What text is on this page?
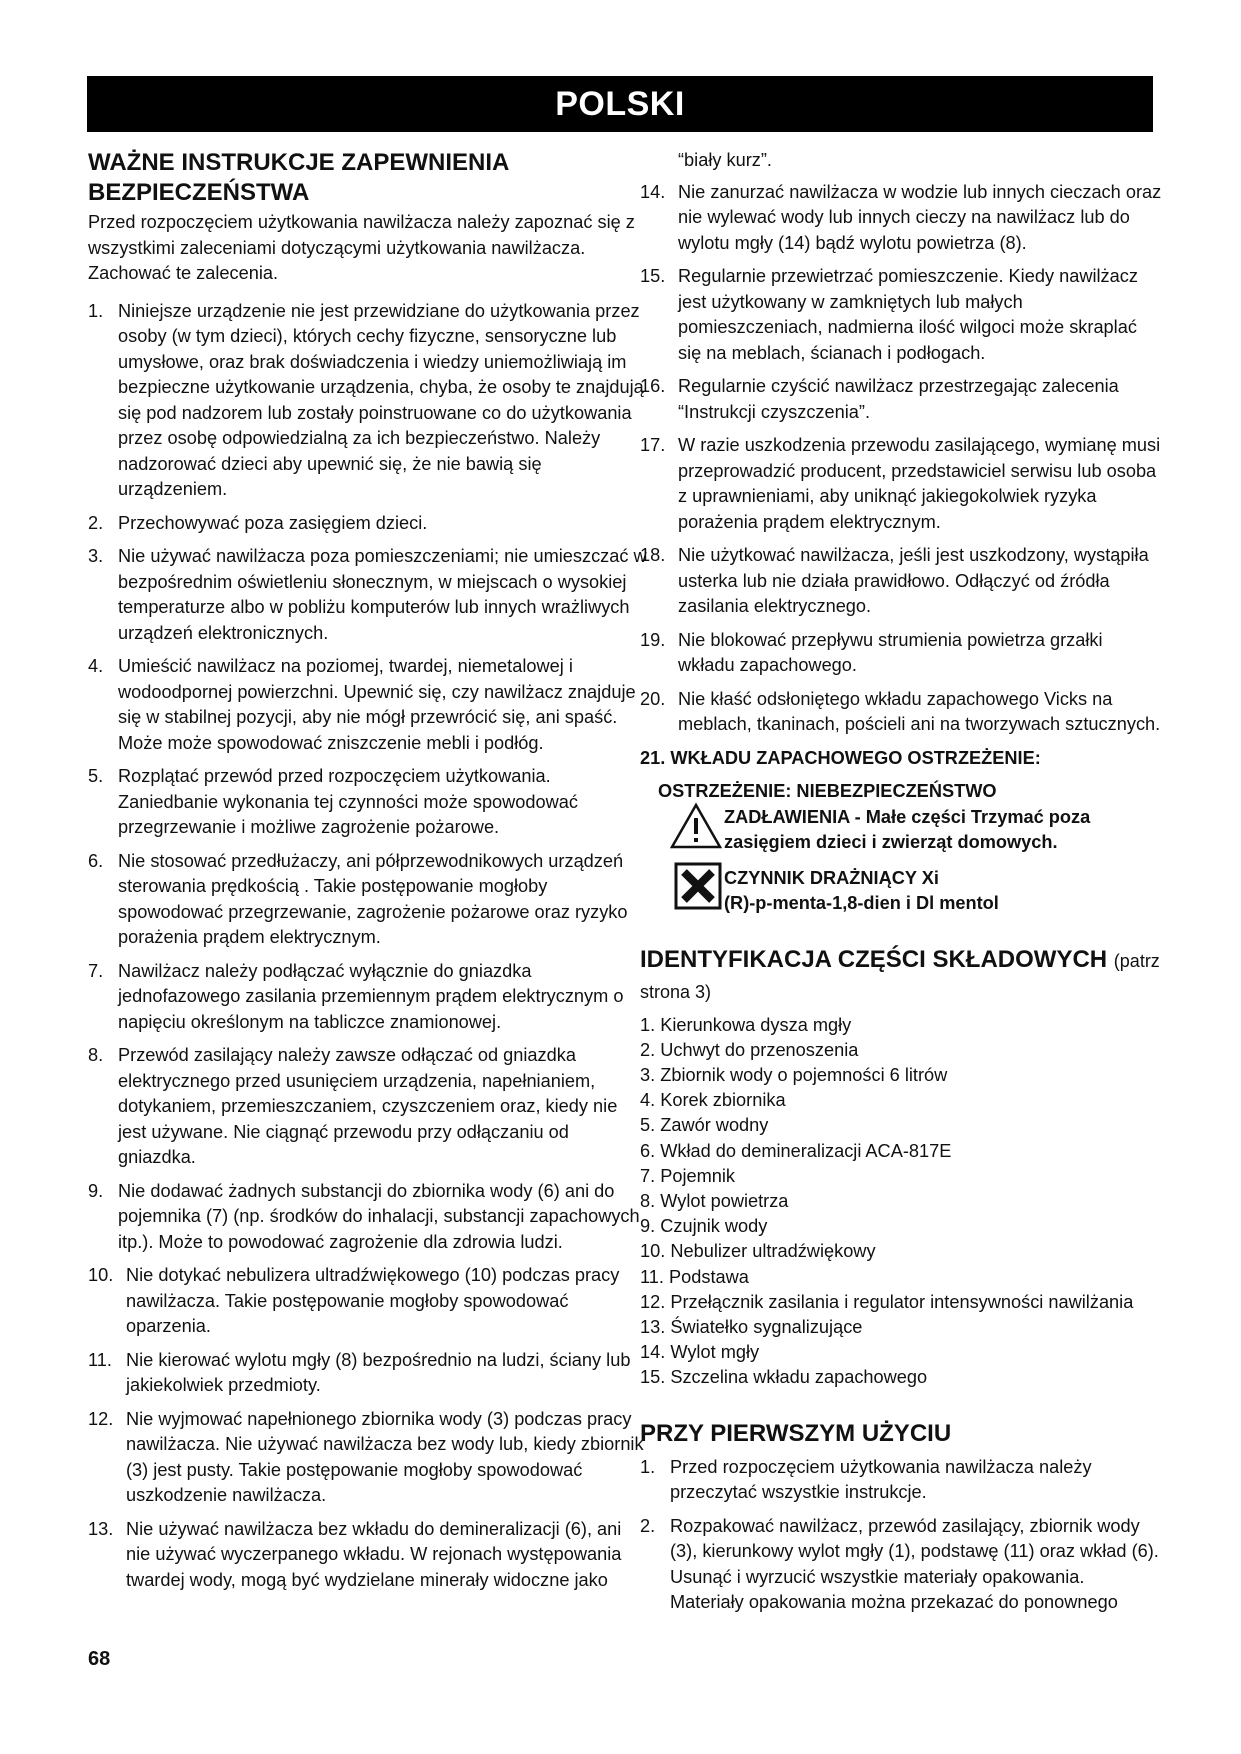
POLSKI
WAŻNE INSTRUKCJE ZAPEWNIENIA BEZPIECZEŃSTWA

Przed rozpoczęciem użytkowania nawilżacza należy zapoznać się z wszystkimi zaleceniami dotyczącymi użytkowania nawilżacza. Zachować te zalecenia.

1. Niniejsze urządzenie nie jest przewidziane do użytkowania przez osoby (w tym dzieci), których cechy fizyczne, sensoryczne lub umysłowe, oraz brak doświadczenia i wiedzy uniemożliwiają im bezpieczne użytkowanie urządzenia, chyba, że osoby te znajdują się pod nadzorem lub zostały poinstruowane co do użytkowania przez osobę odpowiedzialną za ich bezpieczeństwo. Należy nadzorować dzieci aby upewnić się, że nie bawią się urządzeniem.
2. Przechowywać poza zasięgiem dzieci.
3. Nie używać nawilżacza poza pomieszczeniami; nie umieszczać w bezpośrednim oświetleniu słonecznym, w miejscach o wysokiej temperaturze albo w pobliżu komputerów lub innych wrażliwych urządzeń elektronicznych.
4. Umieścić nawilżacz na poziomej, twardej, niemetalowej i wodoodpornej powierzchni. Upewnić się, czy nawilżacz znajduje się w stabilnej pozycji, aby nie mógł przewrócić się, ani spaść. Może może spowodować zniszczenie mebli i podłóg.
5. Rozplątać przewód przed rozpoczęciem użytkowania. Zaniedbanie wykonania tej czynności może spowodować przegrzewanie i możliwe zagrożenie pożarowe.
6. Nie stosować przedłużaczy, ani półprzewodnikowych urządzeń sterowania prędkością . Takie postępowanie mogłoby spowodować przegrzewanie, zagrożenie pożarowe oraz ryzyko porażenia prądem elektrycznym.
7. Nawilżacz należy podłączać wyłącznie do gniazdka jednofazowego zasilania przemiennym prądem elektrycznym o napięciu określonym na tabliczce znamionowej.
8. Przewód zasilający należy zawsze odłączać od gniazdka elektrycznego przed usunięciem urządzenia, napełnianiem, dotykaniem, przemieszczaniem, czyszczeniem oraz, kiedy nie jest używane. Nie ciągnąć przewodu przy odłączaniu od gniazdka.
9. Nie dodawać żadnych substancji do zbiornika wody (6) ani do pojemnika (7) (np. środków do inhalacji, substancji zapachowych itp.). Może to powodować zagrożenie dla zdrowia ludzi.
10. Nie dotykać nebulizera ultradźwiękowego (10) podczas pracy nawilżacza. Takie postępowanie mogłoby spowodować oparzenia.
11. Nie kierować wylotu mgły (8) bezpośrednio na ludzi, ściany lub jakiekolwiek przedmioty.
12. Nie wyjmować napełnionego zbiornika wody (3) podczas pracy nawilżacza. Nie używać nawilżacza bez wody lub, kiedy zbiornik (3) jest pusty. Takie postępowanie mogłoby spowodować uszkodzenie nawilżacza.
13. Nie używać nawilżacza bez wkładu do demineralizacji (6), ani nie używać wyczerpanego wkładu. W rejonach występowania twardej wody, mogą być wydzielane minerały widoczne jako

“biały kurz”.

14. Nie zanurzać nawilżacza w wodzie lub innych cieczach oraz nie wylewać wody lub innych cieczy na nawilżacz lub do wylotu mgły (14) bądź wylotu powietrza (8).
15. Regularnie przewietrzać pomieszczenie. Kiedy nawilżacz jest użytkowany w zamkniętych lub małych pomieszczeniach, nadmierna ilość wilgoci może skraplać się na meblach, ścianach i podłogach.
16. Regularnie czyścić nawilżacz przestrzegając zalecenia “Instrukcji czyszczenia”.
17. W razie uszkodzenia przewodu zasilającego, wymianę musi przeprowadzić producent, przedstawiciel serwisu lub osoba z uprawnieniami, aby uniknąć jakiegokolwiek ryzyka porażenia prądem elektrycznym.
18. Nie użytkować nawilżacza, jeśli jest uszkodzony, wystąpiła usterka lub nie działa prawidłowo. Odłączyć od źródła zasilania elektrycznego.
19. Nie blokować przepływu strumienia powietrza grzałki wkładu zapachowego.
20. Nie kłaść odsłoniętego wkładu zapachowego Vicks na meblach, tkaninach, pościeli ani na tworzywach sztucznych.
21. WKŁADU ZAPACHOWEGO OSTRZEŻENIE:
OSTRZEŻENIE: NIEBEZPIECZEŃSTWO
ZADŁAWIENIA - Małe części Trzymać poza zasięgiem dzieci i zwierząt domowych.
CZYNNIK DRAŻNIĄCY Xi
(R)-p-menta-1,8-dien i Dl mentol
IDENTYFIKACJA CZĘŚCI SKŁADOWYCH (patrz strona 3)
1. Kierunkowa dysza mgły
2. Uchwyt do przenoszenia
3. Zbiornik wody o pojemności 6 litrów
4. Korek zbiornika
5. Zawór wodny
6. Wkład do demineralizacji ACA-817E
7. Pojemnik
8. Wylot powietrza
9. Czujnik wody
10. Nebulizer ultradźwiękowy
11. Podstawa
12. Przełącznik zasilania i regulator intensywności nawilżania
13. Światełko sygnalizujące
14. Wylot mgły
15. Szczelina wkładu zapachowego
PRZY PIERWSZYM UŻYCIU
1. Przed rozpoczęciem użytkowania nawilżacza należy przeczytać wszystkie instrukcje.
2. Rozpakować nawilżacz, przewód zasilający, zbiornik wody (3), kierunkowy wylot mgły (1), podstawę (11) oraz wkład (6). Usunąć i wyrzucić wszystkie materiały opakowania. Materiały opakowania można przekazać do ponownego
68
